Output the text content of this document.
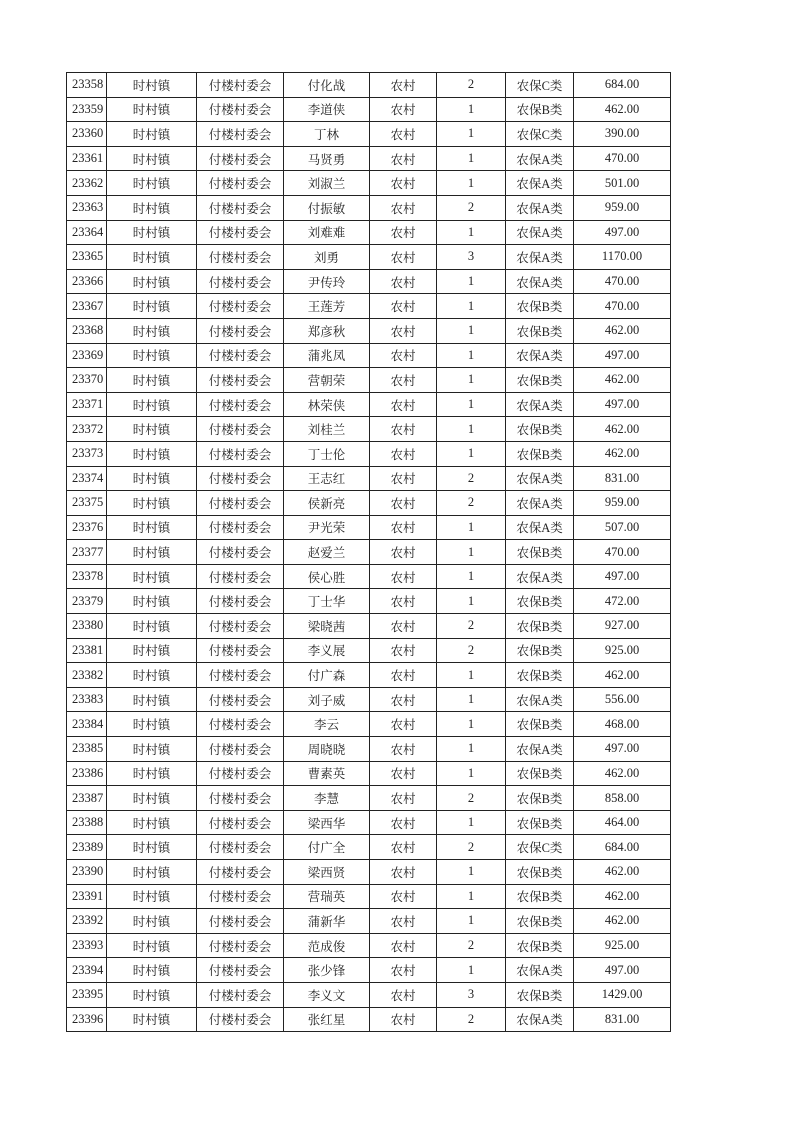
23358	时村镇	付楼村委会	付化战	农村	2	农保C类	684.00
23359	时村镇	付楼村委会	李道侠	农村	1	农保B类	462.00
23360	时村镇	付楼村委会	丁林	农村	1	农保C类	390.00
23361	时村镇	付楼村委会	马贤勇	农村	1	农保A类	470.00
23362	时村镇	付楼村委会	刘淑兰	农村	1	农保A类	501.00
23363	时村镇	付楼村委会	付振敏	农村	2	农保A类	959.00
23364	时村镇	付楼村委会	刘难难	农村	1	农保A类	497.00
23365	时村镇	付楼村委会	刘勇	农村	3	农保A类	1170.00
23366	时村镇	付楼村委会	尹传玲	农村	1	农保A类	470.00
23367	时村镇	付楼村委会	王莲芳	农村	1	农保B类	470.00
23368	时村镇	付楼村委会	郑彦秋	农村	1	农保B类	462.00
23369	时村镇	付楼村委会	蒲兆凤	农村	1	农保A类	497.00
23370	时村镇	付楼村委会	营朝荣	农村	1	农保B类	462.00
23371	时村镇	付楼村委会	林荣侠	农村	1	农保A类	497.00
23372	时村镇	付楼村委会	刘桂兰	农村	1	农保B类	462.00
23373	时村镇	付楼村委会	丁士伦	农村	1	农保B类	462.00
23374	时村镇	付楼村委会	王志红	农村	2	农保A类	831.00
23375	时村镇	付楼村委会	侯新亮	农村	2	农保A类	959.00
23376	时村镇	付楼村委会	尹光荣	农村	1	农保A类	507.00
23377	时村镇	付楼村委会	赵爱兰	农村	1	农保B类	470.00
23378	时村镇	付楼村委会	侯心胜	农村	1	农保A类	497.00
23379	时村镇	付楼村委会	丁士华	农村	1	农保B类	472.00
23380	时村镇	付楼村委会	梁晓茜	农村	2	农保B类	927.00
23381	时村镇	付楼村委会	李义展	农村	2	农保B类	925.00
23382	时村镇	付楼村委会	付广森	农村	1	农保B类	462.00
23383	时村镇	付楼村委会	刘子威	农村	1	农保A类	556.00
23384	时村镇	付楼村委会	李云	农村	1	农保B类	468.00
23385	时村镇	付楼村委会	周晓晓	农村	1	农保A类	497.00
23386	时村镇	付楼村委会	曹素英	农村	1	农保B类	462.00
23387	时村镇	付楼村委会	李慧	农村	2	农保B类	858.00
23388	时村镇	付楼村委会	梁西华	农村	1	农保B类	464.00
23389	时村镇	付楼村委会	付广全	农村	2	农保C类	684.00
23390	时村镇	付楼村委会	梁西贤	农村	1	农保B类	462.00
23391	时村镇	付楼村委会	营瑞英	农村	1	农保B类	462.00
23392	时村镇	付楼村委会	蒲新华	农村	1	农保B类	462.00
23393	时村镇	付楼村委会	范成俊	农村	2	农保B类	925.00
23394	时村镇	付楼村委会	张少锋	农村	1	农保A类	497.00
23395	时村镇	付楼村委会	李义文	农村	3	农保B类	1429.00
23396	时村镇	付楼村委会	张红星	农村	2	农保A类	831.00
